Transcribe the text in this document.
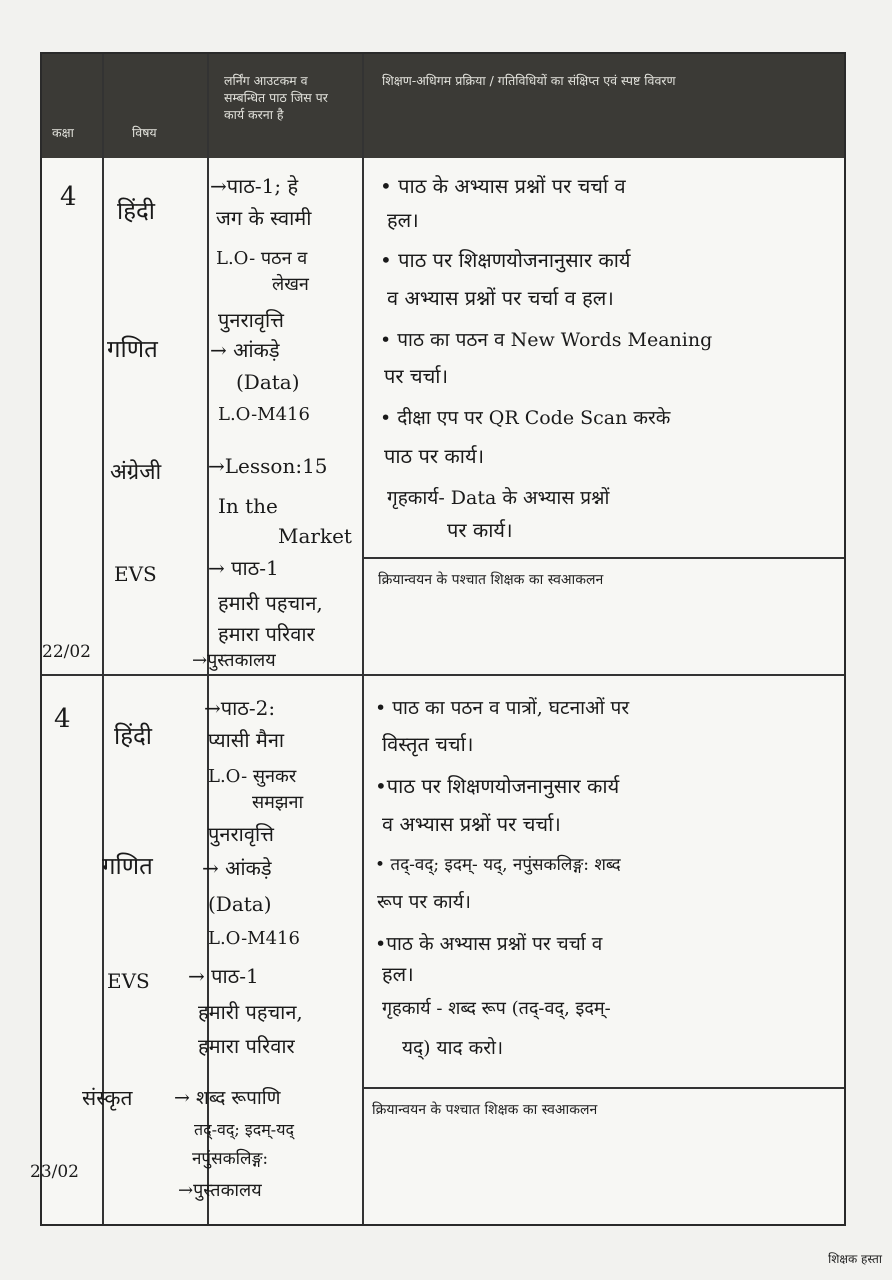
कक्षा	विषय
लर्निंग आउटकम व
सम्बन्धित पाठ जिस पर
कार्य करना है
शिक्षण-अधिगम प्रक्रिया / गतिविधियों का संक्षिप्त एवं स्पष्ट विवरण
4
22/02
हिंदी
गणित
अंग्रेजी
EVS
→पाठ-1; हे
जग के स्वामी
L.O- पठन व
लेखन
पुनरावृत्ति
→ आंकड़े
(Data)
L.O-M416
→Lesson:15
In the
Market
→ पाठ-1
हमारी पहचान,
हमारा परिवार
→पुस्तकालय
• पाठ के अभ्यास प्रश्नों पर चर्चा व
हल।
• पाठ पर शिक्षणयोजनानुसार कार्य
व अभ्यास प्रश्नों पर चर्चा व हल।
• पाठ का पठन व New Words Meaning
पर चर्चा।
• दीक्षा एप पर QR Code Scan करके
पाठ पर कार्य।
गृहकार्य- Data के अभ्यास प्रश्नों
पर कार्य।
क्रियान्वयन के पश्चात शिक्षक का स्वआकलन
4
23/02
हिंदी
गणित
EVS
संस्कृत
→पाठ-2:
प्यासी मैना
L.O- सुनकर
समझना
पुनरावृत्ति
→ आंकड़े
(Data)
L.O-M416
→ पाठ-1
हमारी पहचान,
हमारा परिवार
→ शब्द रूपाणि
तद्-वद्; इदम्-यद्
नपुंसकलिङ्ग:
→पुस्तकालय
• पाठ का पठन व पात्रों, घटनाओं पर
विस्तृत चर्चा।
•पाठ पर शिक्षणयोजनानुसार कार्य
व अभ्यास प्रश्नों पर चर्चा।
• तद्-वद्; इदम्- यद्, नपुंसकलिङ्ग: शब्द
रूप पर कार्य।
•पाठ के अभ्यास प्रश्नों पर चर्चा व
हल।
गृहकार्य - शब्द रूप (तद्-वद्, इदम्-
यद्) याद करो।
क्रियान्वयन के पश्चात शिक्षक का स्वआकलन
शिक्षक हस्ता
